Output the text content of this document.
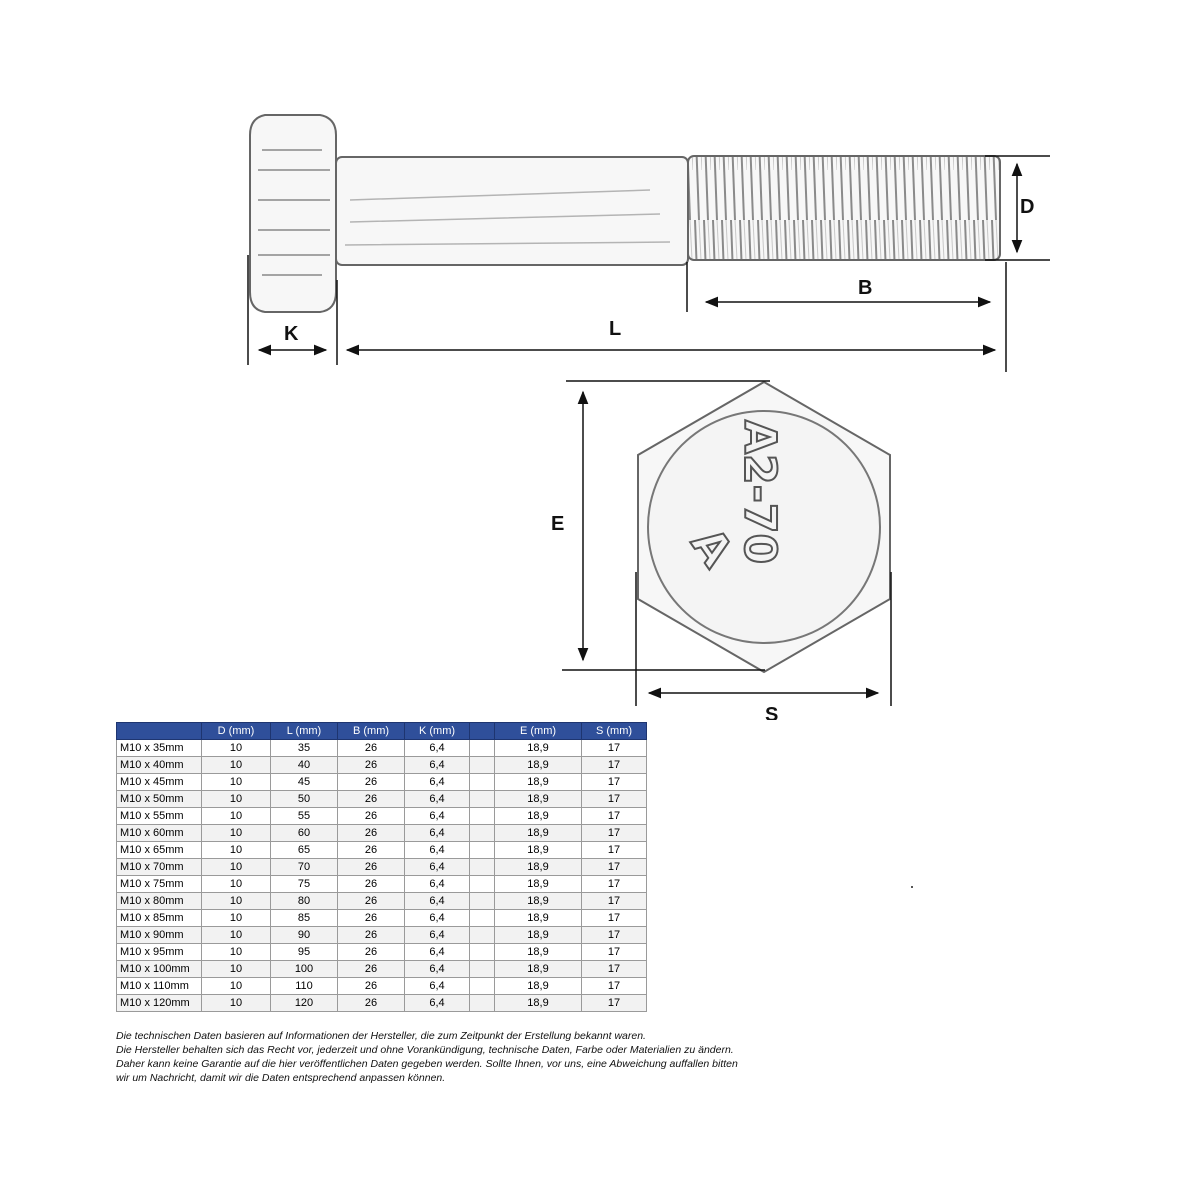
D
B
K	L
A2-70
A
E
S
	D (mm)	L (mm)	B (mm)	K (mm)		E (mm)	S (mm)
M10 x 35mm	10	35	26	6,4		18,9	17
M10 x 40mm	10	40	26	6,4		18,9	17
M10 x 45mm	10	45	26	6,4		18,9	17
M10 x 50mm	10	50	26	6,4		18,9	17
M10 x 55mm	10	55	26	6,4		18,9	17
M10 x 60mm	10	60	26	6,4		18,9	17
M10 x 65mm	10	65	26	6,4		18,9	17
M10 x 70mm	10	70	26	6,4		18,9	17
M10 x 75mm	10	75	26	6,4		18,9	17
M10 x 80mm	10	80	26	6,4		18,9	17
M10 x 85mm	10	85	26	6,4		18,9	17
M10 x 90mm	10	90	26	6,4		18,9	17
M10 x 95mm	10	95	26	6,4		18,9	17
M10 x 100mm	10	100	26	6,4		18,9	17
M10 x 110mm	10	110	26	6,4		18,9	17
M10 x 120mm	10	120	26	6,4		18,9	17

Die technischen Daten basieren auf Informationen der Hersteller, die zum Zeitpunkt der Erstellung bekannt waren.

Die Hersteller behalten sich das Recht vor, jederzeit und ohne Vorankündigung, technische Daten, Farbe oder Materialien zu ändern.

Daher kann keine Garantie auf die hier veröffentlichen Daten gegeben werden. Sollte Ihnen, vor uns, eine Abweichung auffallen bitten

wir um Nachricht, damit wir die Daten entsprechend anpassen können.
